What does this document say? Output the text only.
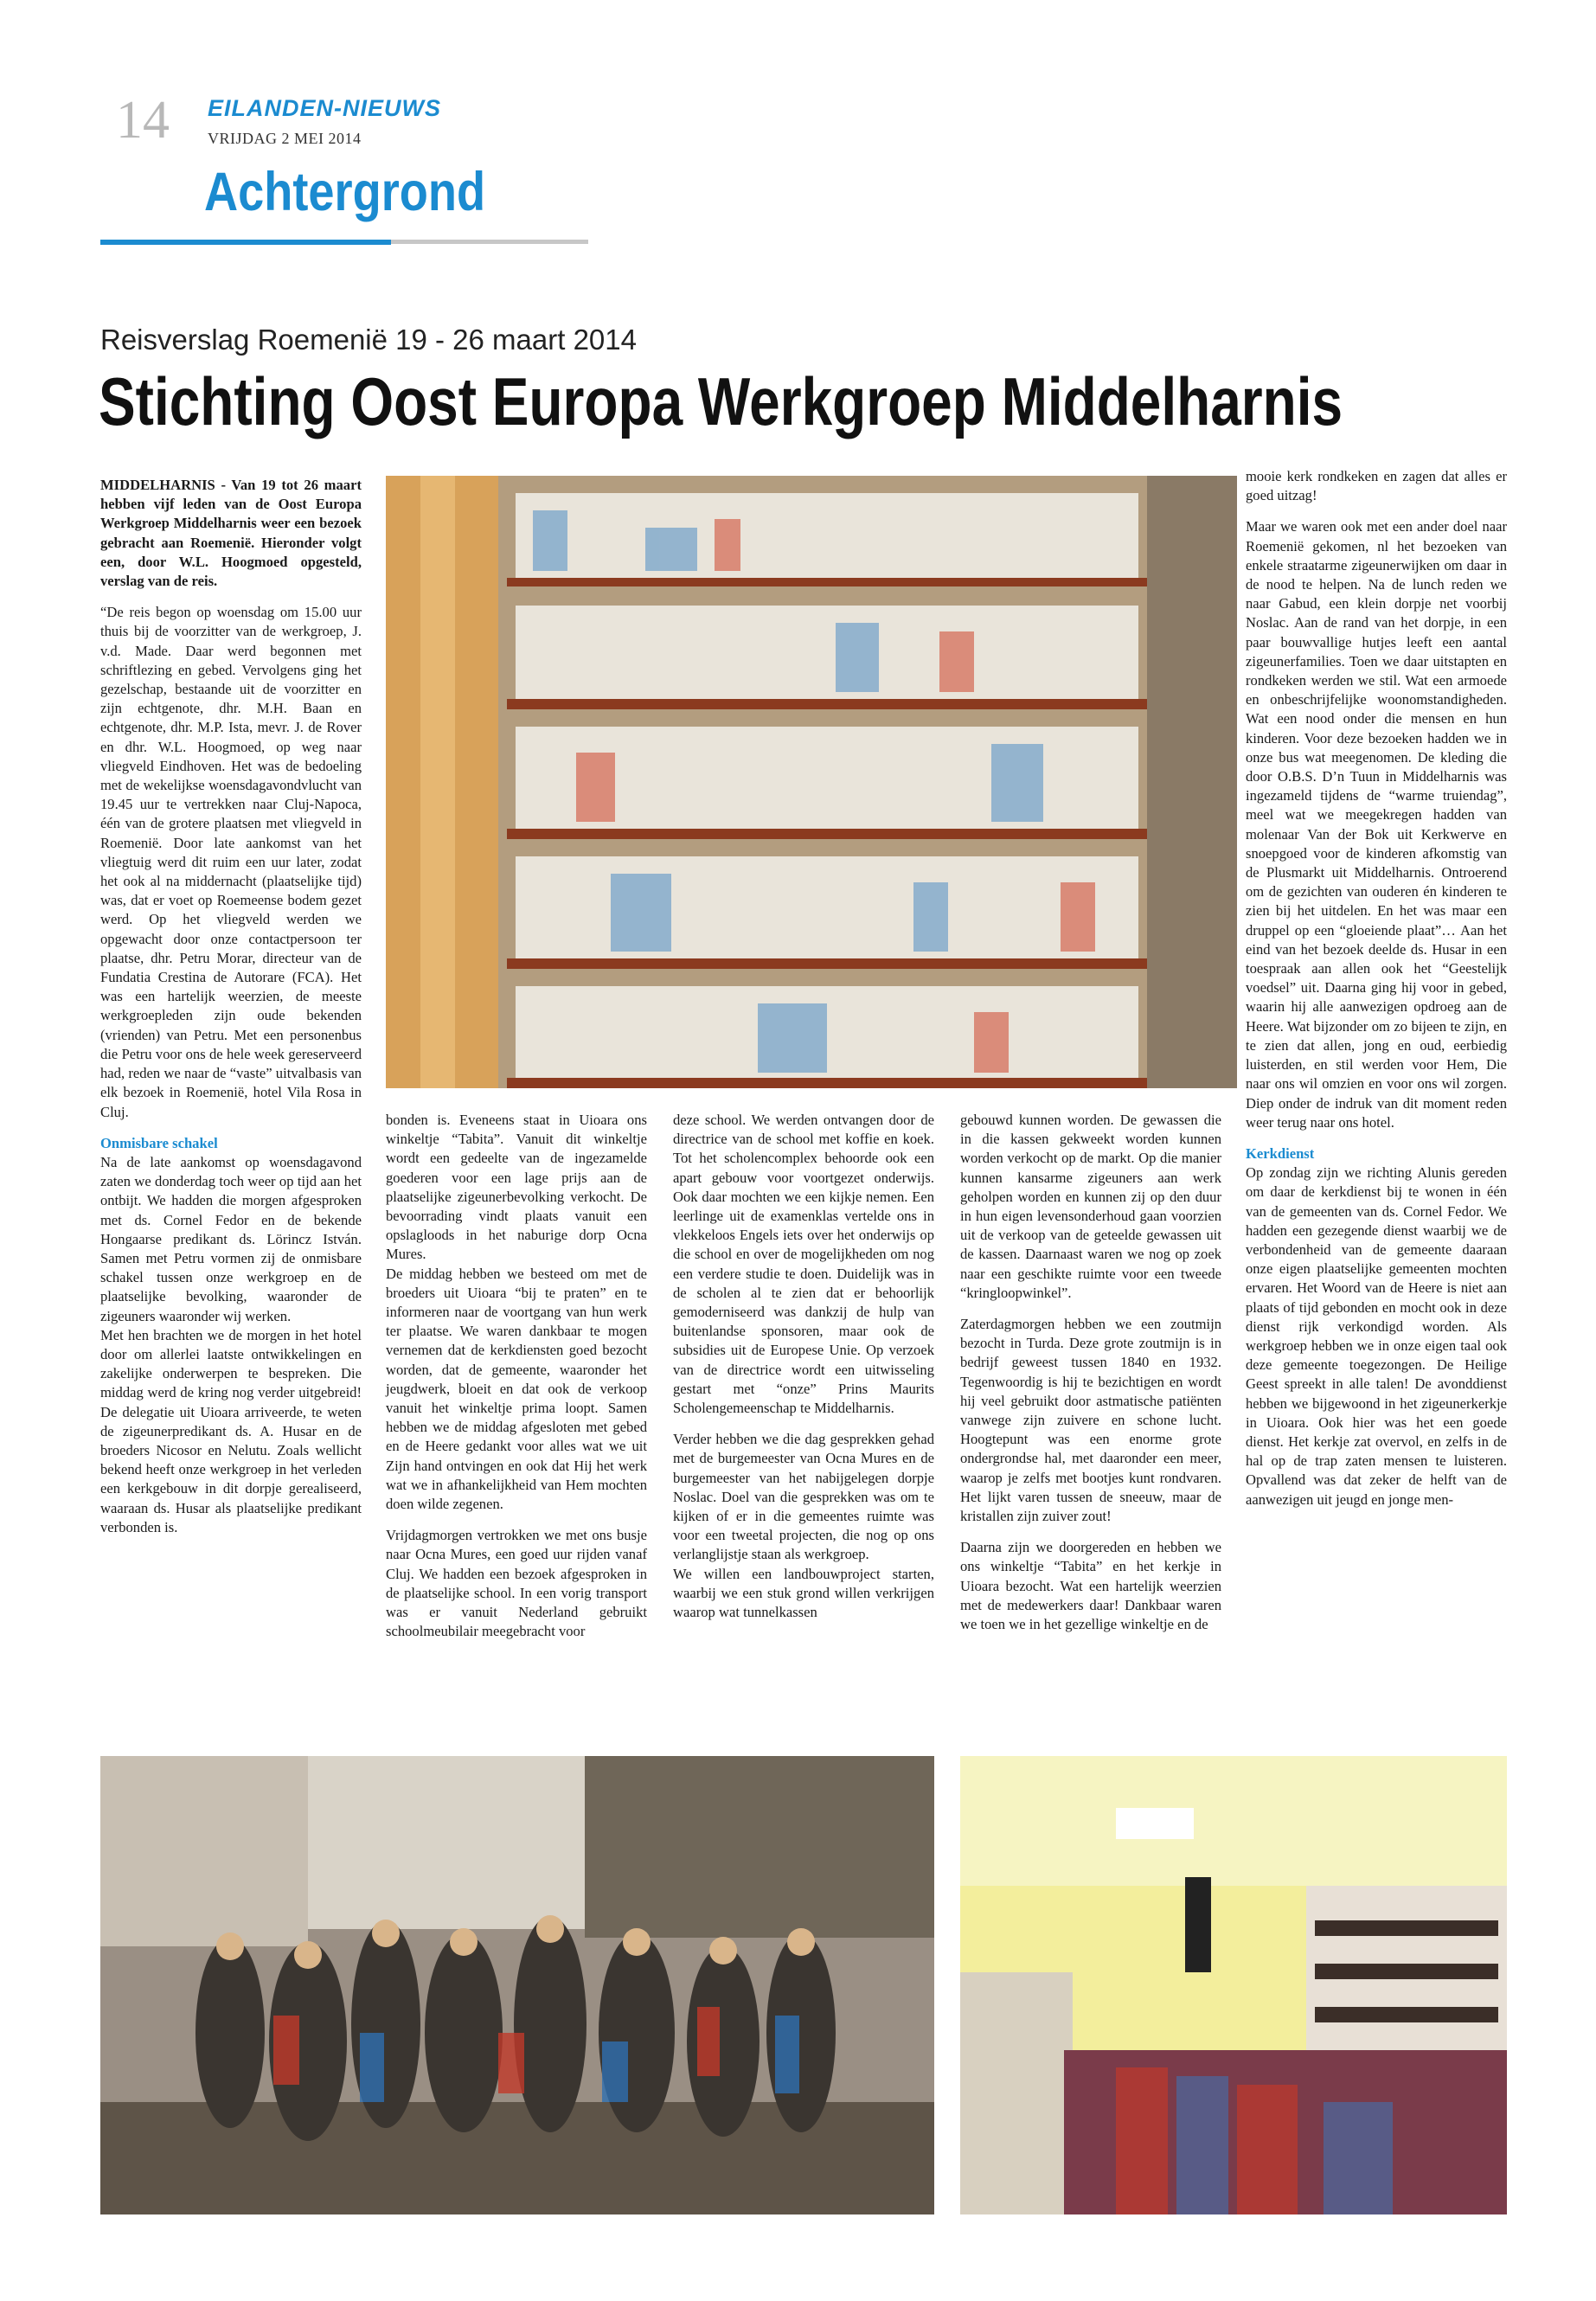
14 EILANDEN-NIEUWS
VRIJDAG 2 MEI 2014
Achtergrond
Reisverslag Roemenië 19 - 26 maart 2014
Stichting Oost Europa Werkgroep Middelharnis

MIDDELHARNIS - Van 19 tot 26 maart hebben vijf leden van de Oost Europa Werkgroep Middelharnis weer een bezoek gebracht aan Roemenië. Hieronder volgt een, door W.L. Hoogmoed opgesteld, verslag van de reis.

“De reis begon op woensdag om 15.00 uur thuis bij de voorzitter van de werkgroep, J. v.d. Made. Daar werd begonnen met schriftlezing en gebed. Vervolgens ging het gezelschap, bestaande uit de voorzitter en zijn echtgenote, dhr. M.H. Baan en echtgenote, dhr. M.P. Ista, mevr. J. de Rover en dhr. W.L. Hoogmoed, op weg naar vliegveld Eindhoven. Het was de bedoeling met de wekelijkse woensdagavondvlucht van 19.45 uur te vertrekken naar Cluj-Napoca, één van de grotere plaatsen met vliegveld in Roemenië. Door late aankomst van het vliegtuig werd dit ruim een uur later, zodat het ook al na middernacht (plaatselijke tijd) was, dat er voet op Roemeense bodem gezet werd. Op het vliegveld werden we opgewacht door onze contactpersoon ter plaatse, dhr. Petru Morar, directeur van de Fundatia Crestina de Autorare (FCA). Het was een hartelijk weerzien, de meeste werkgroepleden zijn oude bekenden (vrienden) van Petru. Met een personenbus die Petru voor ons de hele week gereserveerd had, reden we naar de “vaste” uitvalbasis van elk bezoek in Roemenië, hotel Vila Rosa in Cluj.

Onmisbare schakel

Na de late aankomst op woensdagavond zaten we donderdag toch weer op tijd aan het ontbijt. We hadden die morgen afgesproken met ds. Cornel Fedor en de bekende Hongaarse predikant ds. Lörincz István. Samen met Petru vormen zij de onmisbare schakel tussen onze werkgroep en de plaatselijke bevolking, waaronder de zigeuners waaronder wij werken.

Met hen brachten we de morgen in het hotel door om allerlei laatste ontwikkelingen en zakelijke onderwerpen te bespreken. Die middag werd de kring nog verder uitgebreid! De delegatie uit Uioara arriveerde, te weten de zigeunerpredikant ds. A. Husar en de broeders Nicosor en Nelutu. Zoals wellicht bekend heeft onze werkgroep in het verleden een kerkgebouw in dit dorpje gerealiseerd, waaraan ds. Husar als plaatselijke predikant verbonden is.

bonden is. Eveneens staat in Uioara ons winkeltje “Tabita”. Vanuit dit winkeltje wordt een gedeelte van de ingezamelde goederen voor een lage prijs aan de plaatselijke zigeunerbevolking verkocht. De bevoorrading vindt plaats vanuit een opslagloods in het naburige dorp Ocna Mures.

De middag hebben we besteed om met de broeders uit Uioara “bij te praten” en te informeren naar de voortgang van hun werk ter plaatse. We waren dankbaar te mogen vernemen dat de kerkdiensten goed bezocht worden, dat de gemeente, waaronder het jeugdwerk, bloeit en dat ook de verkoop vanuit het winkeltje prima loopt. Samen hebben we de middag afgesloten met gebed en de Heere gedankt voor alles wat we uit Zijn hand ontvingen en ook dat Hij het werk wat we in afhankelijkheid van Hem mochten doen wilde zegenen.

Vrijdagmorgen vertrokken we met ons busje naar Ocna Mures, een goed uur rijden vanaf Cluj. We hadden een bezoek afgesproken in de plaatselijke school. In een vorig transport was er vanuit Nederland gebruikt schoolmeubilair meegebracht voor

deze school. We werden ontvangen door de directrice van de school met koffie en koek. Tot het scholencomplex behoorde ook een apart gebouw voor voortgezet onderwijs. Ook daar mochten we een kijkje nemen. Een leerlinge uit de examenklas vertelde ons in vlekkeloos Engels iets over het onderwijs op die school en over de mogelijkheden om nog een verdere studie te doen. Duidelijk was in de scholen al te zien dat er behoorlijk gemoderniseerd was dankzij de hulp van buitenlandse sponsoren, maar ook de subsidies uit de Europese Unie. Op verzoek van de directrice wordt een uitwisseling gestart met “onze” Prins Maurits Scholengemeenschap te Middelharnis.

Verder hebben we die dag gesprekken gehad met de burgemeester van Ocna Mures en de burgemeester van het nabijgelegen dorpje Noslac. Doel van die gesprekken was om te kijken of er in die gemeentes ruimte was voor een tweetal projecten, die nog op ons verlanglijstje staan als werkgroep.

We willen een landbouwproject starten, waarbij we een stuk grond willen verkrijgen waarop wat tunnelkassen

gebouwd kunnen worden. De gewassen die in die kassen gekweekt worden kunnen worden verkocht op de markt. Op die manier kunnen kansarme zigeuners aan werk geholpen worden en kunnen zij op den duur in hun eigen levensonderhoud gaan voorzien uit de verkoop van de geteelde gewassen uit de kassen. Daarnaast waren we nog op zoek naar een geschikte ruimte voor een tweede “kringloopwinkel”.

Zaterdagmorgen hebben we een zoutmijn bezocht in Turda. Deze grote zoutmijn is in bedrijf geweest tussen 1840 en 1932. Tegenwoordig is hij te bezichtigen en wordt hij veel gebruikt door astmatische patiënten vanwege zijn zuivere en schone lucht. Hoogtepunt was een enorme grote ondergrondse hal, met daaronder een meer, waarop je zelfs met bootjes kunt rondvaren. Het lijkt varen tussen de sneeuw, maar de kristallen zijn zuiver zout!

Daarna zijn we doorgereden en hebben we ons winkeltje “Tabita” en het kerkje in Uioara bezocht. Wat een hartelijk weerzien met de medewerkers daar! Dankbaar waren we toen we in het gezellige winkeltje en de

mooie kerk rondkeken en zagen dat alles er goed uitzag!

Maar we waren ook met een ander doel naar Roemenië gekomen, nl het bezoeken van enkele straatarme zigeunerwijken om daar in de nood te helpen. Na de lunch reden we naar Gabud, een klein dorpje net voorbij Noslac. Aan de rand van het dorpje, in een paar bouwvallige hutjes leeft een aantal zigeunerfamilies. Toen we daar uitstapten en rondkeken werden we stil. Wat een armoede en onbeschrijfelijke woonomstandigheden. Wat een nood onder die mensen en hun kinderen. Voor deze bezoeken hadden we in onze bus wat meegenomen. De kleding die door O.B.S. D’n Tuun in Middelharnis was ingezameld tijdens de “warme truiendag”, meel wat we meegekregen hadden van molenaar Van der Bok uit Kerkwerve en snoepgoed voor de kinderen afkomstig van de Plusmarkt uit Middelharnis. Ontroerend om de gezichten van ouderen én kinderen te zien bij het uitdelen. En het was maar een druppel op een “gloeiende plaat”… Aan het eind van het bezoek deelde ds. Husar in een toespraak aan allen ook het “Geestelijk voedsel” uit. Daarna ging hij voor in gebed, waarin hij alle aanwezigen opdroeg aan de Heere. Wat bijzonder om zo bijeen te zijn, en te zien dat allen, jong en oud, eerbiedig luisterden, en stil werden voor Hem, Die naar ons wil omzien en voor ons wil zorgen. Diep onder de indruk van dit moment reden weer terug naar ons hotel.

Kerkdienst

Op zondag zijn we richting Alunis gereden om daar de kerkdienst bij te wonen in één van de gemeenten van ds. Cornel Fedor. We hadden een gezegende dienst waarbij we de verbondenheid van de gemeente daaraan onze eigen plaatselijke gemeenten mochten ervaren. Het Woord van de Heere is niet aan plaats of tijd gebonden en mocht ook in deze dienst rijk verkondigd worden. Als werkgroep hebben we in onze eigen taal ook deze gemeente toegezongen. De Heilige Geest spreekt in alle talen! De avonddienst hebben we bijgewoond in het zigeunerkerkje in Uioara. Ook hier was het een goede dienst. Het kerkje zat overvol, en zelfs in de hal op de trap zaten mensen te luisteren. Opvallend was dat zeker de helft van de aanwezigen uit jeugd en jonge men-
